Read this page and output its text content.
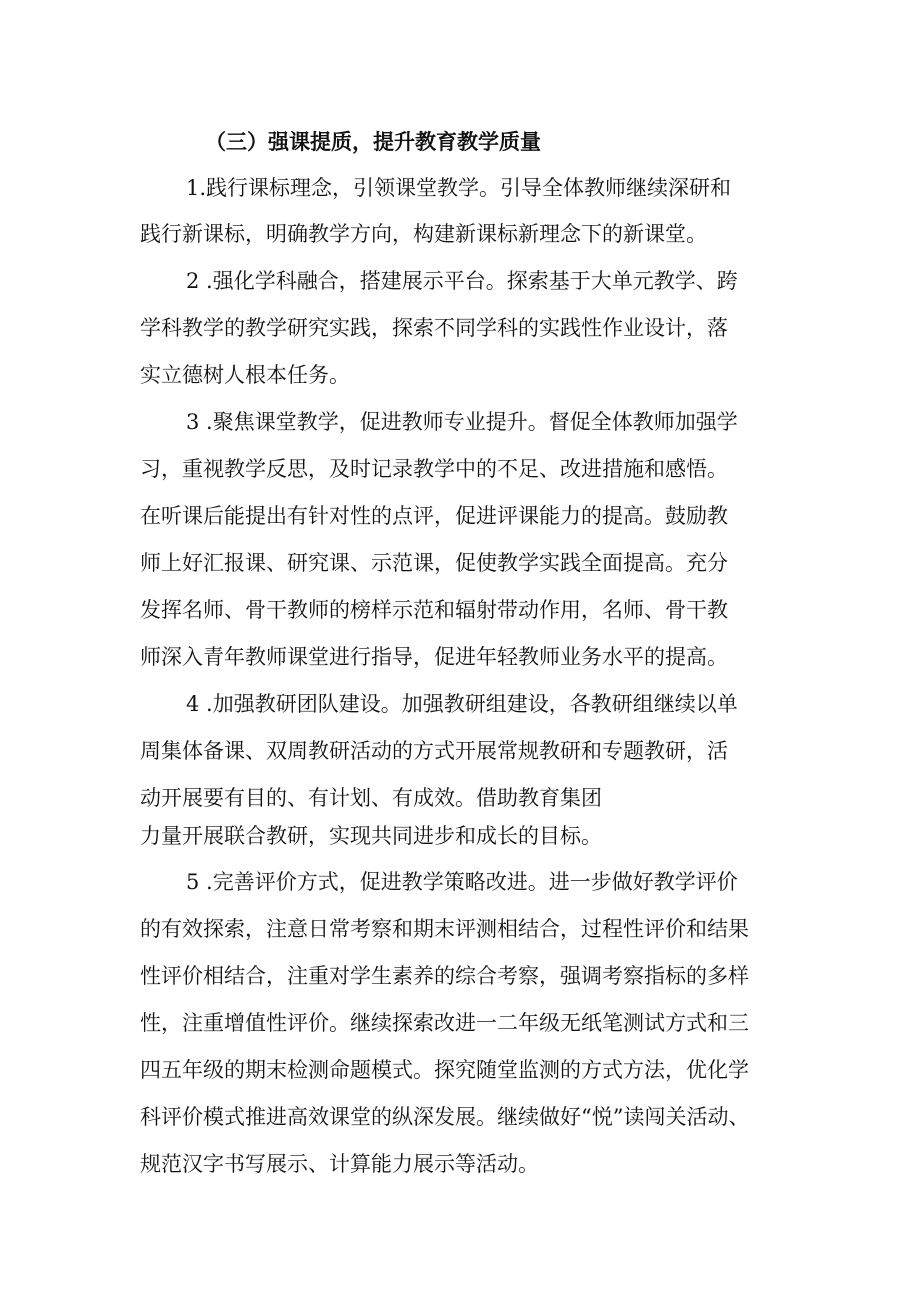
（三）强课提质，提升教育教学质量
1.践行课标理念，引领课堂教学。引导全体教师继续深研和
践行新课标，明确教学方向，构建新课标新理念下的新课堂。
2 .强化学科融合，搭建展示平台。探索基于大单元教学、跨
学科教学的教学研究实践，探索不同学科的实践性作业设计，落
实立德树人根本任务。
3 .聚焦课堂教学，促进教师专业提升。督促全体教师加强学
习，重视教学反思，及时记录教学中的不足、改进措施和感悟。
在听课后能提出有针对性的点评，促进评课能力的提高。鼓励教
师上好汇报课、研究课、示范课，促使教学实践全面提高。充分
发挥名师、骨干教师的榜样示范和辐射带动作用，名师、骨干教
师深入青年教师课堂进行指导，促进年轻教师业务水平的提高。
4 .加强教研团队建设。加强教研组建设，各教研组继续以单
周集体备课、双周教研活动的方式开展常规教研和专题教研，活
动开展要有目的、有计划、有成效。借助教育集团
力量开展联合教研，实现共同进步和成长的目标。
5 .完善评价方式，促进教学策略改进。进一步做好教学评价
的有效探索，注意日常考察和期末评测相结合，过程性评价和结果
性评价相结合，注重对学生素养的综合考察，强调考察指标的多样
性，注重增值性评价。继续探索改进一二年级无纸笔测试方式和三
四五年级的期末检测命题模式。探究随堂监测的方式方法，优化学
科评价模式推进高效课堂的纵深发展。继续做好“悦”读闯关活动、
规范汉字书写展示、计算能力展示等活动。
